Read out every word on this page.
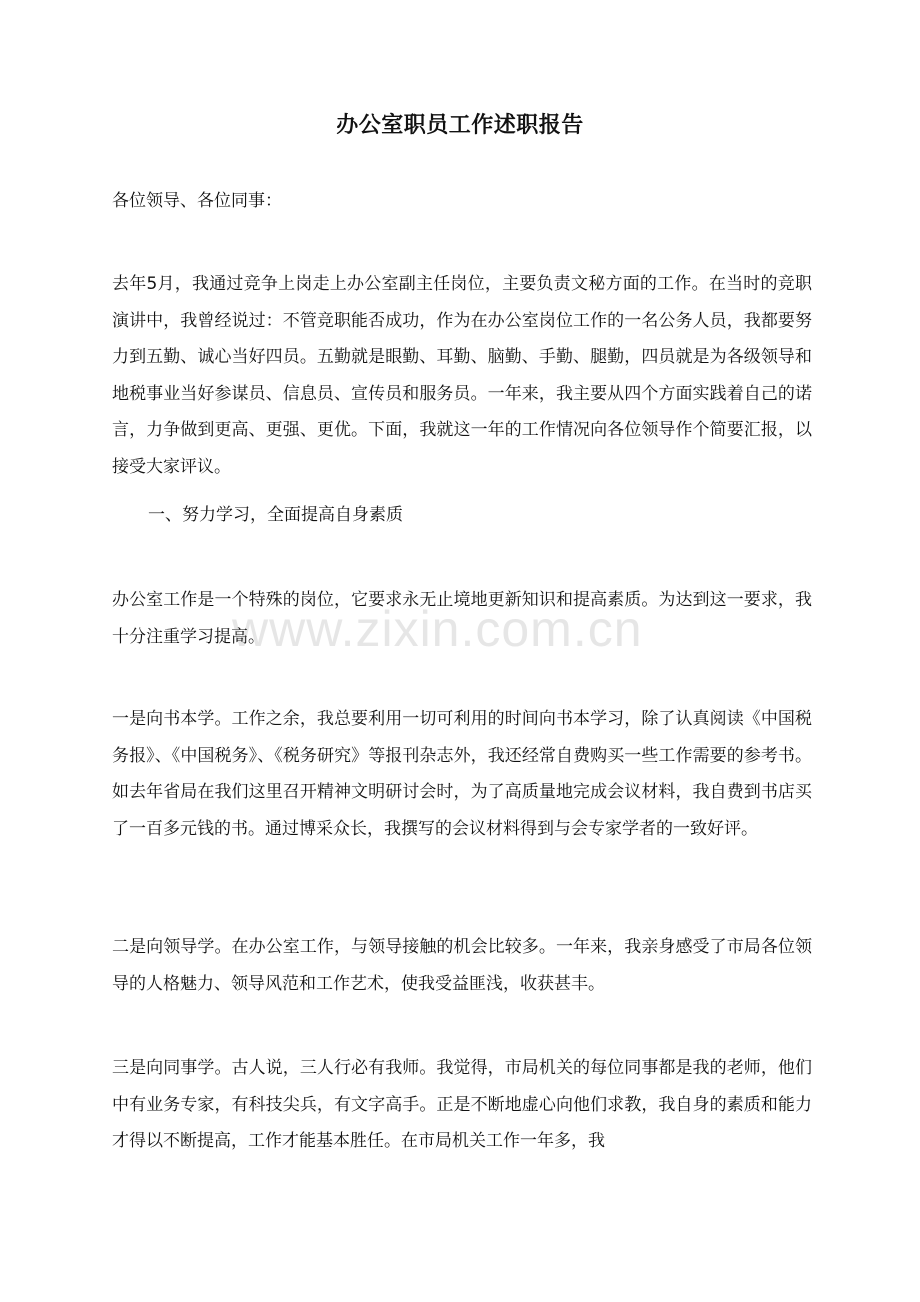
办公室职员工作述职报告
各位领导、各位同事：

去年5月，我通过竞争上岗走上办公室副主任岗位，主要负责文秘方面的工作。在当时的竞职演讲中，我曾经说过：不管竞职能否成功，作为在办公室岗位工作的一名公务人员，我都要努力到五勤、诚心当好四员。五勤就是眼勤、耳勤、脑勤、手勤、腿勤，四员就是为各级领导和地税事业当好参谋员、信息员、宣传员和服务员。一年来，我主要从四个方面实践着自己的诺言，力争做到更高、更强、更优。下面，我就这一年的工作情况向各位领导作个简要汇报，以接受大家评议。

一、努力学习，全面提高自身素质

办公室工作是一个特殊的岗位，它要求永无止境地更新知识和提高素质。为达到这一要求，我十分注重学习提高。

一是向书本学。工作之余，我总要利用一切可利用的时间向书本学习，除了认真阅读《中国税务报》、《中国税务》、《税务研究》等报刊杂志外，我还经常自费购买一些工作需要的参考书。如去年省局在我们这里召开精神文明研讨会时，为了高质量地完成会议材料，我自费到书店买了一百多元钱的书。通过博采众长，我撰写的会议材料得到与会专家学者的一致好评。

二是向领导学。在办公室工作，与领导接触的机会比较多。一年来，我亲身感受了市局各位领导的人格魅力、领导风范和工作艺术，使我受益匪浅，收获甚丰。

三是向同事学。古人说，三人行必有我师。我觉得，市局机关的每位同事都是我的老师，他们中有业务专家，有科技尖兵，有文字高手。正是不断地虚心向他们求教，我自身的素质和能力才得以不断提高，工作才能基本胜任。在市局机关工作一年多，我

www.zixin.com.cn
